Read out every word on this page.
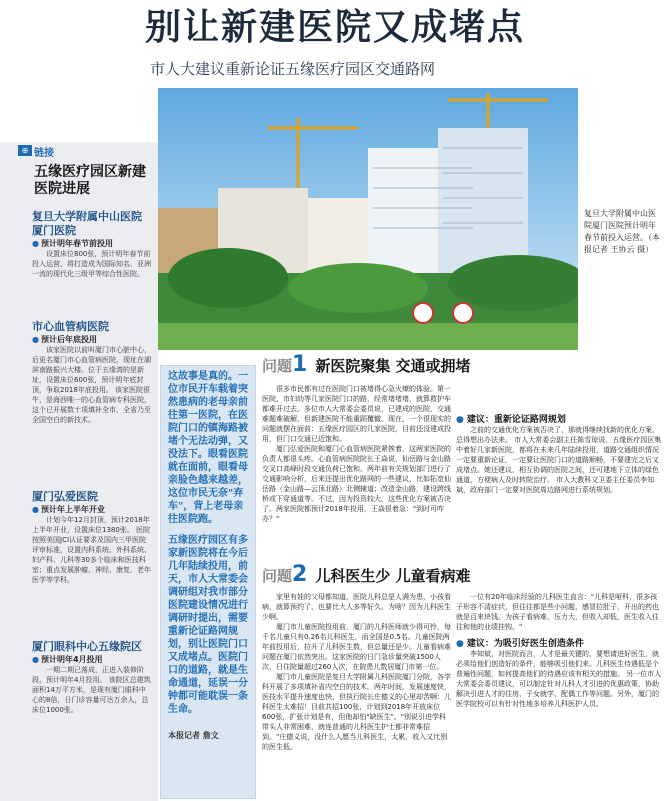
别让新建医院又成堵点
市人大建议重新论证五缘医疗园区交通路网
⊕ 链接
五缘医疗园区新建医院进展
复旦大学附属中山医院厦门医院
● 预计明年春节前投用
设置床位800张，预计明年春节前投入运营，将打造成为国际知名、亚洲一流的现代化三级甲等综合性医院。
市心血管病医院
● 预计后年底投用
该家医院以前叫厦门市心脏中心，后更名厦门市心血管病医院，现址在湖滨南路振兴大楼。位于五缘湾的是新址，设置床位600张，预计明年底封顶，争取2018年底投用。 该家医院很牛，是海西唯一的心血管病专科医院，这个已开展数十项填补全市、全省乃至全国空白的新技术。
厦门弘爱医院
● 预计年上半年开业
计划今年12月封顶，预计2018年上半年开业，设置床位1380张。 医院按照美国JCI认证要求及国内三甲医院评审标准，设置内科系统、外科系统、妇产科、儿科等30多个临床和医技科室；重点发展肿瘤、神经、康复、老年医学等学科。
厦门眼科中心五缘院区
● 预计明年4月投用
一期二期已落成，正进入装修阶段，预计明年4月投用。 该院区总建筑面积14万平方米，是现有厦门眼科中心的8倍，日门诊容量可达万余人，总床位1000张。
复旦大学附属中山医院厦门医院预计明年春节前投入运营。（本报记者 王协云 摄）
这故事是真的。一位市民开车载着突然患病的老母亲前往第一医院，在医院门口的镇海路被堵个无法动弹，又没法下。眼看医院就在面前，眼看母亲脸色越来越差，这位市民无奈"弃车"，背上老母亲往医院跑。
五缘医疗园区有多家新医院将在今后几年陆续投用，前天，市人大常委会调研组对我市部分医院建设情况进行调研时提出，需要重新论证路网规划，别让医院门口又成堵点。医院门口的道路，就是生命通道，延误一分钟都可能耽误一条生命。
本报记者 詹文
问题1 新医院聚集 交通或拥堵
很多市民都有过在医院门口被堵得心急火燎的体验。第一医院、市妇幼等几家医院门口的路，经常堵堵堵，就算救护车都难开过去。多位市人大常委会委员说，已建成的医院，交通难题难破解，但新建医院不能重蹈覆辙。现在，一个很现实的问题就摆在面前：五缘医疗园区的几家医院，目前还没建成投用，但门口交通已近饱和。
厦门弘爱医院和厦门心血管病医院紧挨着，这两家医院的负责人都很头疼。心血管病医院院长王焱说，仙岳路与金山路交叉口高峰时段交通负荷已饱和。两年前有关规划部门进行了交通影响分析，后来还提出优化路网的一些建议，比如拓宽仙岳路（金山路—云顶北路）北侧辅道；改造金山路，建设跨线桥或下穿通道等。不过，因为投资较大，这些优化方案被否决了。两家医院都预计2018年投用，王焱很着急："到时可咋办？"
● 建议：重新论证路网规划
之前的交通优化方案被否决了，那就得继续找新的优化方案，总得想出办法来。 市人大常委会副主任陈雪琼说，五缘医疗园区集中着好几家新医院，都将在未来几年陆续投用，道路交通组织情况一定要重新论证，一定要让医院门口的道路顺畅，不要建完之后又成堵点。她还建议，相互协调的医院之间，还可建地下立体的绿色通道，方便病人及时转院治疗。 市人大教科文卫委主任委员李知斌，政府部门一定要对医院周边路网进行系统规划。
问题2 儿科医生少 儿童看病难
家里有娃的父母都知道，医院儿科总是人满为患，小孩看病，就算预约了，也要比大人多等好久。为啥？因为儿科医生少啊。
厦门市儿童医院投用前，厦门的儿科医师就少得可怜，每千名儿童只有0.26名儿科医生，而全国是0.5名。儿童医院两年前投用后，拉升了儿科医生数，但总量还是少。儿童看病难问题在厦门依然突出。这家医院的日门急诊量突破1500人次，日住院量超过260人次，在院患儿数居厦门市第一位。
厦门市儿童医院是复旦大学附属儿科医院厦门分院，各学科开展了多项填补省内空白的技术。两年时间，发展速度快，医技水平提升速度也快，但执行院长庄德义的心里却苦啊：儿科医生太难招！目前共招100张，计划到2018年开放床位600张，扩张计划是有，但他却怕"缺医生"。"别说引进学科带头人非常困难，就连普通的儿科医生护士都非常难招到。"庄德义说，没什么人愿当儿科医生，太累，收入又比别的医生低。
一位有20年临床经验的儿科医生直言："儿科是哑科，很多孩子形容不清症状，但往往都是些小问题，感冒拉肚子，开出的药也就是百来块钱。为孩子看病难，压力大，但收入却低，医生收入往往和他的业绩挂钩。"
● 建议：为吸引好医生创造条件
李知斌，对医院而言，人才是最关键的，要想请进好医生，就必须给他们创造好的条件，能够吸引他们来。儿科医生待遇低是个普遍性问题，如何提高他们的待遇应该有相关的措施。 另一位市人大常委会委员建议，可以制定针对儿科人才引进的优惠政策，协助解决引进人才的住房、子女就学、配偶工作等问题。另外，厦门的医学院校可以有针对性地多培养儿科医护人员。
